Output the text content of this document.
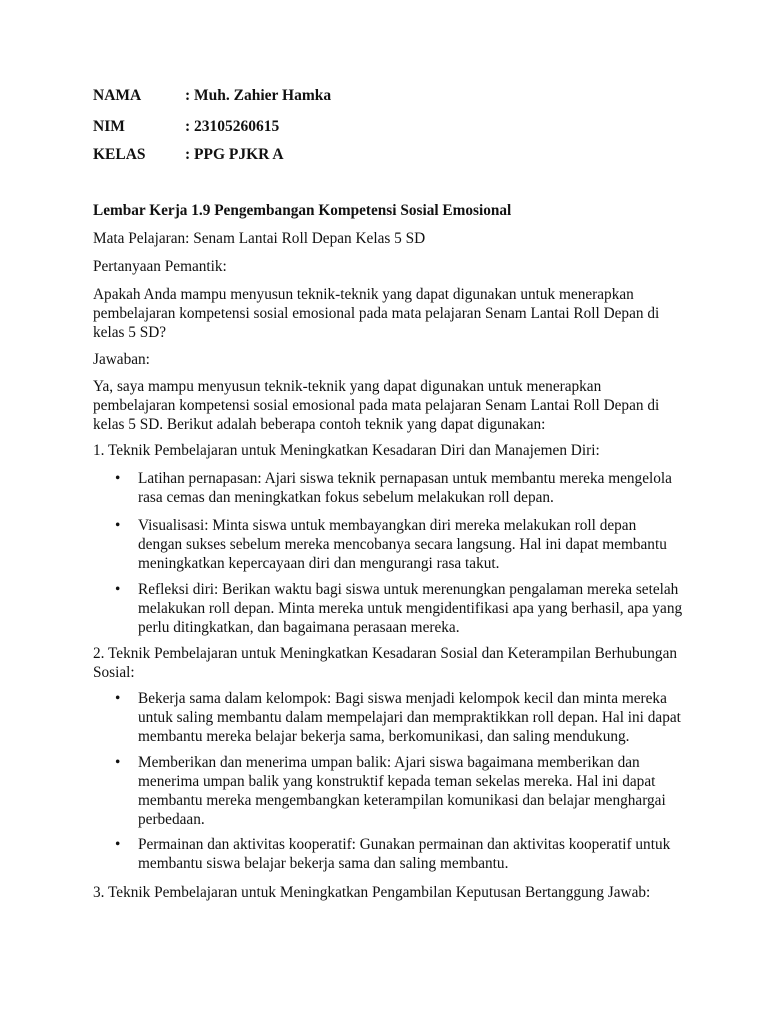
NAMA	: Muh. Zahier Hamka
NIM	: 23105260615
KELAS	: PPG PJKR A
Lembar Kerja 1.9 Pengembangan Kompetensi Sosial Emosional
Mata Pelajaran: Senam Lantai Roll Depan Kelas 5 SD
Pertanyaan Pemantik:
Apakah Anda mampu menyusun teknik-teknik yang dapat digunakan untuk menerapkan pembelajaran kompetensi sosial emosional pada mata pelajaran Senam Lantai Roll Depan di kelas 5 SD?
Jawaban:
Ya, saya mampu menyusun teknik-teknik yang dapat digunakan untuk menerapkan pembelajaran kompetensi sosial emosional pada mata pelajaran Senam Lantai Roll Depan di kelas 5 SD. Berikut adalah beberapa contoh teknik yang dapat digunakan:
1. Teknik Pembelajaran untuk Meningkatkan Kesadaran Diri dan Manajemen Diri:
• Latihan pernapasan: Ajari siswa teknik pernapasan untuk membantu mereka mengelola rasa cemas dan meningkatkan fokus sebelum melakukan roll depan.
• Visualisasi: Minta siswa untuk membayangkan diri mereka melakukan roll depan dengan sukses sebelum mereka mencobanya secara langsung. Hal ini dapat membantu meningkatkan kepercayaan diri dan mengurangi rasa takut.
• Refleksi diri: Berikan waktu bagi siswa untuk merenungkan pengalaman mereka setelah melakukan roll depan. Minta mereka untuk mengidentifikasi apa yang berhasil, apa yang perlu ditingkatkan, dan bagaimana perasaan mereka.
2. Teknik Pembelajaran untuk Meningkatkan Kesadaran Sosial dan Keterampilan Berhubungan Sosial:
• Bekerja sama dalam kelompok: Bagi siswa menjadi kelompok kecil dan minta mereka untuk saling membantu dalam mempelajari dan mempraktikkan roll depan. Hal ini dapat membantu mereka belajar bekerja sama, berkomunikasi, dan saling mendukung.
• Memberikan dan menerima umpan balik: Ajari siswa bagaimana memberikan dan menerima umpan balik yang konstruktif kepada teman sekelas mereka. Hal ini dapat membantu mereka mengembangkan keterampilan komunikasi dan belajar menghargai perbedaan.
• Permainan dan aktivitas kooperatif: Gunakan permainan dan aktivitas kooperatif untuk membantu siswa belajar bekerja sama dan saling membantu.
3. Teknik Pembelajaran untuk Meningkatkan Pengambilan Keputusan Bertanggung Jawab:
